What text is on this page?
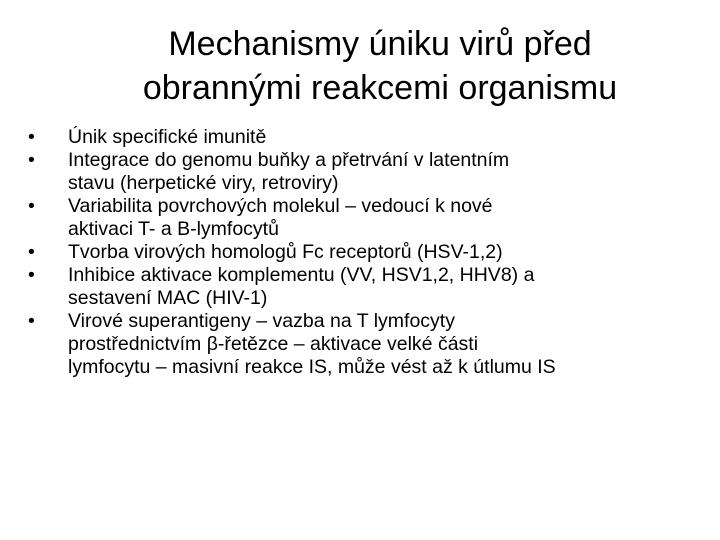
Mechanismy úniku virů před
obrannými reakcemi organismu
•	Únik specifické imunitě
•	Integrace do genomu buňky a přetrvání v latentním
stavu (herpetické viry, retroviry)
•	Variabilita povrchových molekul – vedoucí k nové
aktivaci T- a B-lymfocytů
•	Tvorba virových homologů Fc receptorů (HSV-1,2)
•	Inhibice aktivace komplementu (VV, HSV1,2, HHV8) a
sestavení MAC (HIV-1)
•	Virové superantigeny – vazba na T lymfocyty
prostřednictvím β-řetězce – aktivace velké části
lymfocytu – masivní reakce IS, může vést až k útlumu IS
